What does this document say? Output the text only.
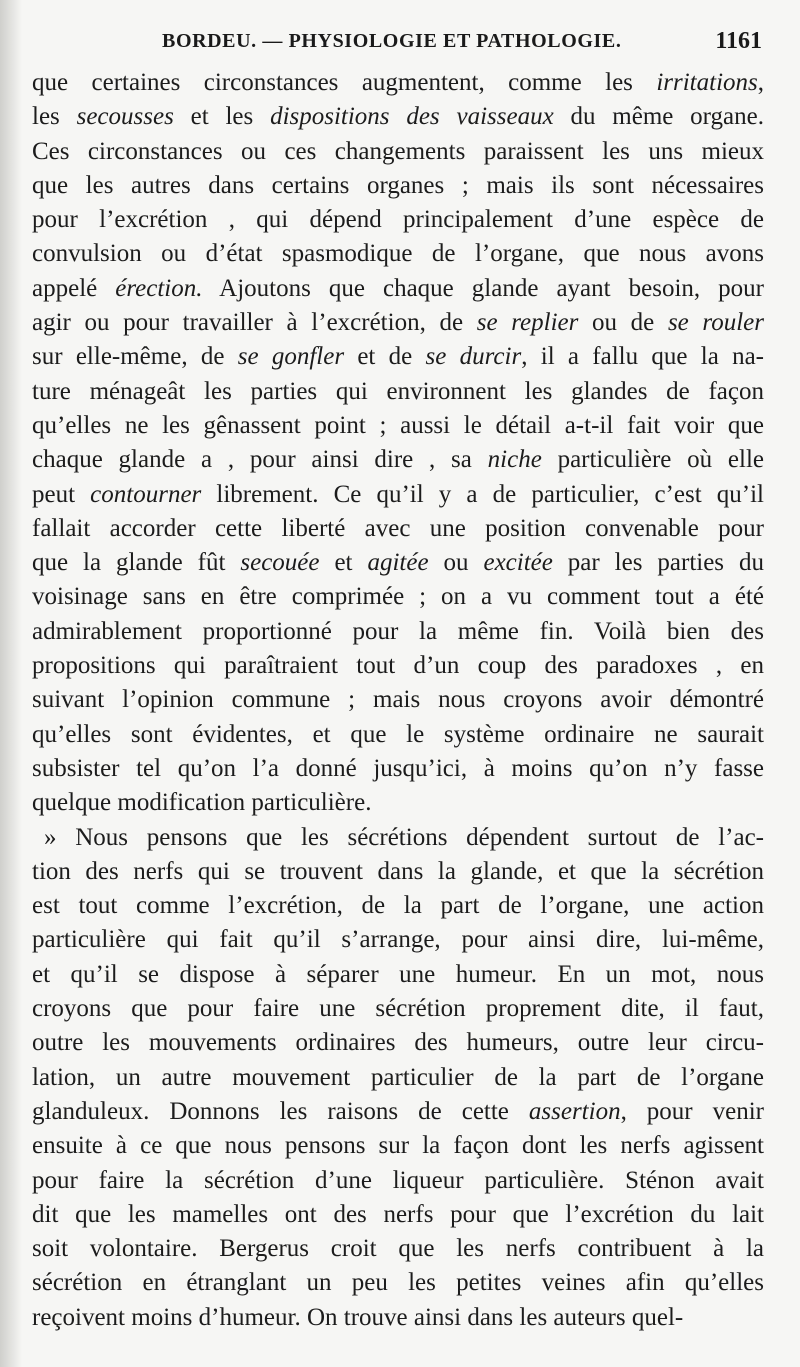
BORDEU. — PHYSIOLOGIE ET PATHOLOGIE.	1161
que certaines circonstances augmentent, comme les irritations,
les secousses et les dispositions des vaisseaux du même organe.
Ces circonstances ou ces changements paraissent les uns mieux
que les autres dans certains organes ; mais ils sont nécessaires
pour l’excrétion , qui dépend principalement d’une espèce de
convulsion ou d’état spasmodique de l’organe, que nous avons
appelé érection. Ajoutons que chaque glande ayant besoin, pour
agir ou pour travailler à l’excrétion, de se replier ou de se rouler
sur elle-même, de se gonfler et de se durcir, il a fallu que la na-
ture ménageât les parties qui environnent les glandes de façon
qu’elles ne les gênassent point ; aussi le détail a-t-il fait voir que
chaque glande a , pour ainsi dire , sa niche particulière où elle
peut contourner librement. Ce qu’il y a de particulier, c’est qu’il
fallait accorder cette liberté avec une position convenable pour
que la glande fût secouée et agitée ou excitée par les parties du
voisinage sans en être comprimée ; on a vu comment tout a été
admirablement proportionné pour la même fin. Voilà bien des
propositions qui paraîtraient tout d’un coup des paradoxes , en
suivant l’opinion commune ; mais nous croyons avoir démontré
qu’elles sont évidentes, et que le système ordinaire ne saurait
subsister tel qu’on l’a donné jusqu’ici, à moins qu’on n’y fasse
quelque modification particulière.
» Nous pensons que les sécrétions dépendent surtout de l’ac-
tion des nerfs qui se trouvent dans la glande, et que la sécrétion
est tout comme l’excrétion, de la part de l’organe, une action
particulière qui fait qu’il s’arrange, pour ainsi dire, lui-même,
et qu’il se dispose à séparer une humeur. En un mot, nous
croyons que pour faire une sécrétion proprement dite, il faut,
outre les mouvements ordinaires des humeurs, outre leur circu-
lation, un autre mouvement particulier de la part de l’organe
glanduleux. Donnons les raisons de cette assertion, pour venir
ensuite à ce que nous pensons sur la façon dont les nerfs agissent
pour faire la sécrétion d’une liqueur particulière. Sténon avait
dit que les mamelles ont des nerfs pour que l’excrétion du lait
soit volontaire. Bergerus croit que les nerfs contribuent à la
sécrétion en étranglant un peu les petites veines afin qu’elles
reçoivent moins d’humeur. On trouve ainsi dans les auteurs quel-
